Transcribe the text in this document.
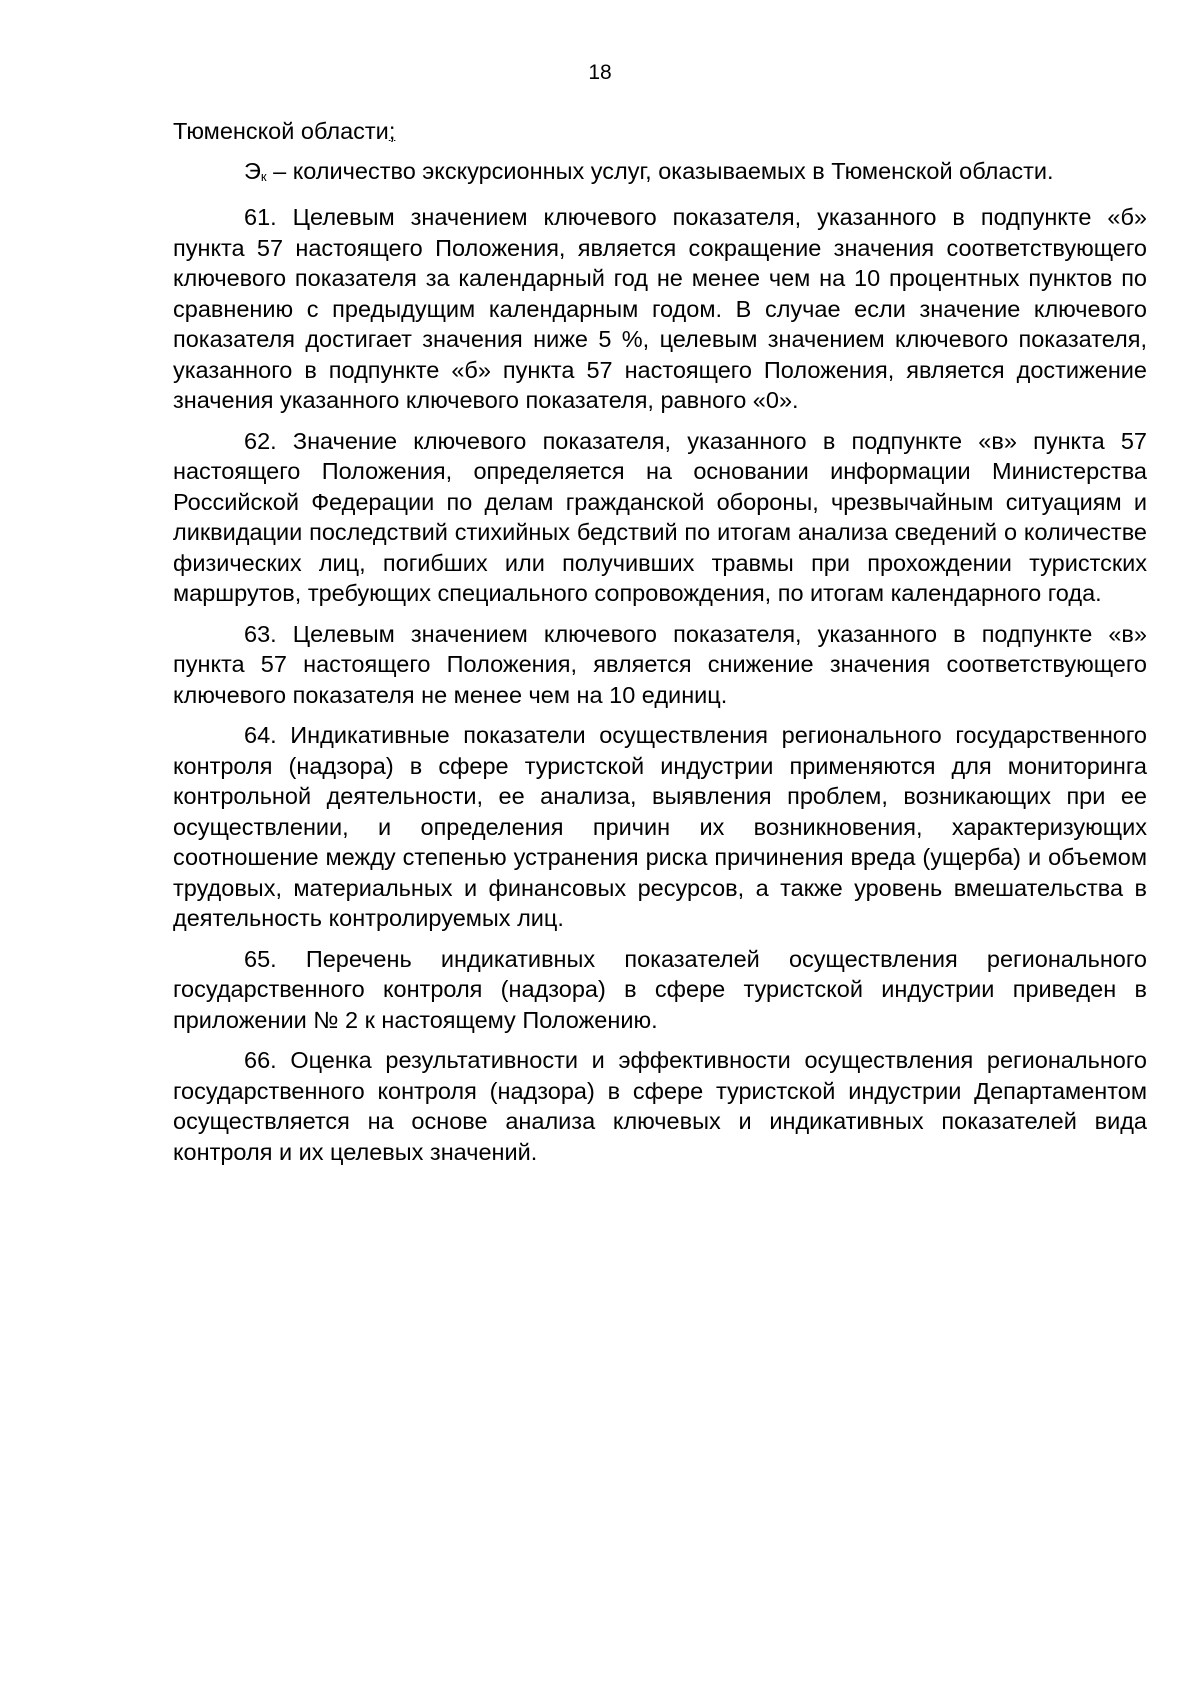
18

Тюменской области;

Эк – количество экскурсионных услуг, оказываемых в Тюменской области.

61. Целевым значением ключевого показателя, указанного в подпункте «б» пункта 57 настоящего Положения, является сокращение значения соответствующего ключевого показателя за календарный год не менее чем на 10 процентных пунктов по сравнению с предыдущим календарным годом. В случае если значение ключевого показателя достигает значения ниже 5 %, целевым значением ключевого показателя, указанного в подпункте «б» пункта 57 настоящего Положения, является достижение значения указанного ключевого показателя, равного «0».

62. Значение ключевого показателя, указанного в подпункте «в» пункта 57 настоящего Положения, определяется на основании информации Министерства Российской Федерации по делам гражданской обороны, чрезвычайным ситуациям и ликвидации последствий стихийных бедствий по итогам анализа сведений о количестве физических лиц, погибших или получивших травмы при прохождении туристских маршрутов, требующих специального сопровождения, по итогам календарного года.

63. Целевым значением ключевого показателя, указанного в подпункте «в» пункта 57 настоящего Положения, является снижение значения соответствующего ключевого показателя не менее чем на 10 единиц.

64. Индикативные показатели осуществления регионального государственного контроля (надзора) в сфере туристской индустрии применяются для мониторинга контрольной деятельности, ее анализа, выявления проблем, возникающих при ее осуществлении, и определения причин их возникновения, характеризующих соотношение между степенью устранения риска причинения вреда (ущерба) и объемом трудовых, материальных и финансовых ресурсов, а также уровень вмешательства в деятельность контролируемых лиц.

65. Перечень индикативных показателей осуществления регионального государственного контроля (надзора) в сфере туристской индустрии приведен в приложении № 2 к настоящему Положению.

66. Оценка результативности и эффективности осуществления регионального государственного контроля (надзора) в сфере туристской индустрии Департаментом осуществляется на основе анализа ключевых и индикативных показателей вида контроля и их целевых значений.
